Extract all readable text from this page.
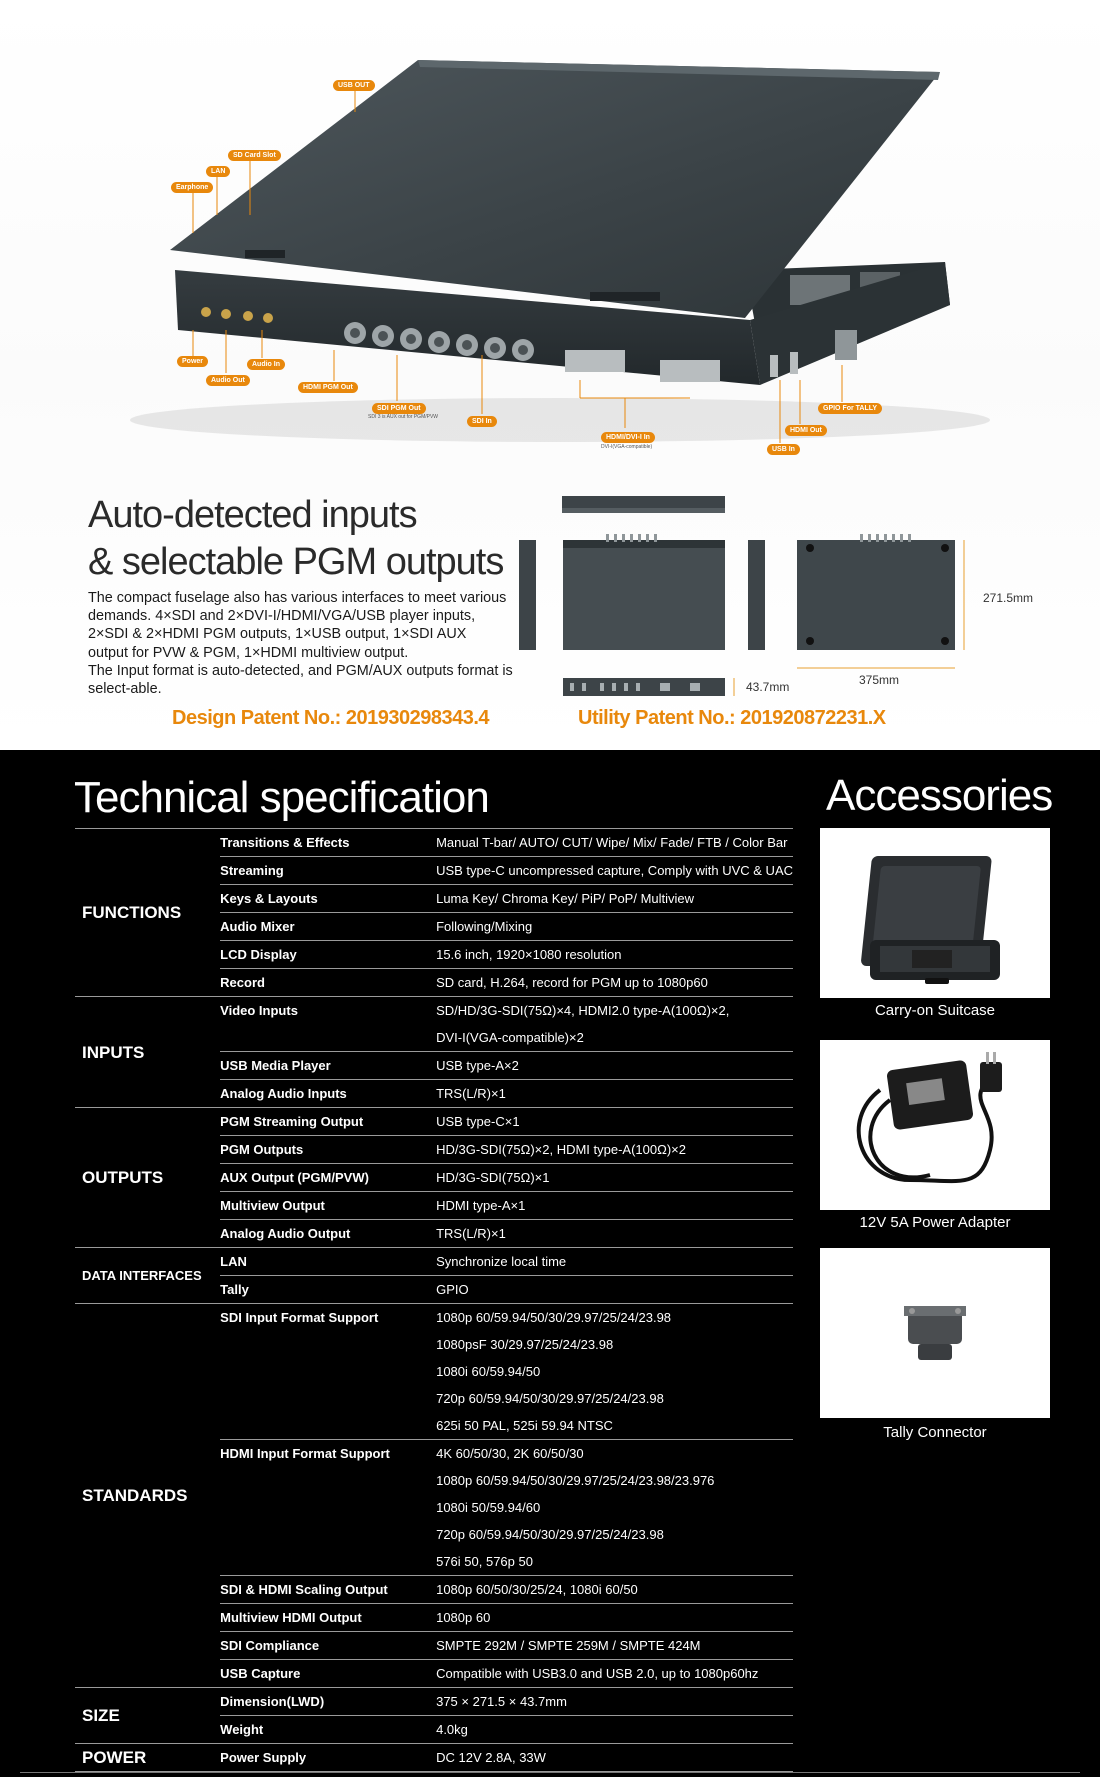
USB OUT
SD Card Slot
LAN
Earphone
Power
Audio Out
Audio In
HDMI PGM Out
SDI PGM Out
SDI 3 is AUX out for PGM/PVW
SDI In
HDMI/DVI-I In
DVI-I(VGA-compatible)	USB In
HDMI Out
GPIO For TALLY
Auto-detected inputs
& selectable PGM outputs

The compact fuselage also has various interfaces to meet various
demands. 4×SDI and 2×DVI-I/HDMI/VGA/USB player inputs,
2×SDI & 2×HDMI PGM outputs, 1×USB output, 1×SDI AUX
output for PVW & PGM, 1×HDMI multiview output.
The Input format is auto-detected, and PGM/AUX outputs format is
select-able.

271.5mm
43.7mm	375mm
Design Patent No.: 201930298343.4	Utility Patent No.: 201920872231.X
Technical specification	Accessories
FUNCTIONS	Transitions & Effects	Manual T-bar/ AUTO/ CUT/ Wipe/ Mix/ Fade/ FTB / Color Bar
	Streaming	USB type-C uncompressed capture, Comply with UVC & UAC
	Keys & Layouts	Luma Key/ Chroma Key/ PiP/ PoP/ Multiview
	Audio Mixer	Following/Mixing
	LCD Display	15.6 inch, 1920×1080 resolution
	Record	SD card, H.264, record for PGM up to 1080p60
INPUTS	Video Inputs	SD/HD/3G-SDI(75Ω)×4, HDMI2.0 type-A(100Ω)×2,
		DVI-I(VGA-compatible)×2
	USB Media Player	USB type-A×2
	Analog Audio Inputs	TRS(L/R)×1
OUTPUTS	PGM Streaming Output	USB type-C×1
	PGM Outputs	HD/3G-SDI(75Ω)×2, HDMI type-A(100Ω)×2
	AUX Output (PGM/PVW)	HD/3G-SDI(75Ω)×1
	Multiview Output	HDMI type-A×1
	Analog Audio Output	TRS(L/R)×1
DATA INTERFACES	LAN	Synchronize local time
	Tally	GPIO
STANDARDS	SDI Input Format Support	1080p 60/59.94/50/30/29.97/25/24/23.98
		1080psF 30/29.97/25/24/23.98
		1080i 60/59.94/50
		720p 60/59.94/50/30/29.97/25/24/23.98
		625i 50 PAL, 525i 59.94 NTSC
	HDMI Input Format Support	4K 60/50/30, 2K 60/50/30
		1080p 60/59.94/50/30/29.97/25/24/23.98/23.976
		1080i 50/59.94/60
		720p 60/59.94/50/30/29.97/25/24/23.98
		576i 50, 576p 50
	SDI & HDMI Scaling Output	1080p 60/50/30/25/24, 1080i 60/50
	Multiview HDMI Output	1080p 60
	SDI Compliance	SMPTE 292M / SMPTE 259M / SMPTE 424M
	USB Capture	Compatible with USB3.0 and USB 2.0, up to 1080p60hz
SIZE	Dimension(LWD)	375 × 271.5 × 43.7mm
	Weight	4.0kg
POWER	Power Supply	DC 12V 2.8A, 33W
Carry-on Suitcase
12V 5A Power Adapter
Tally Connector
